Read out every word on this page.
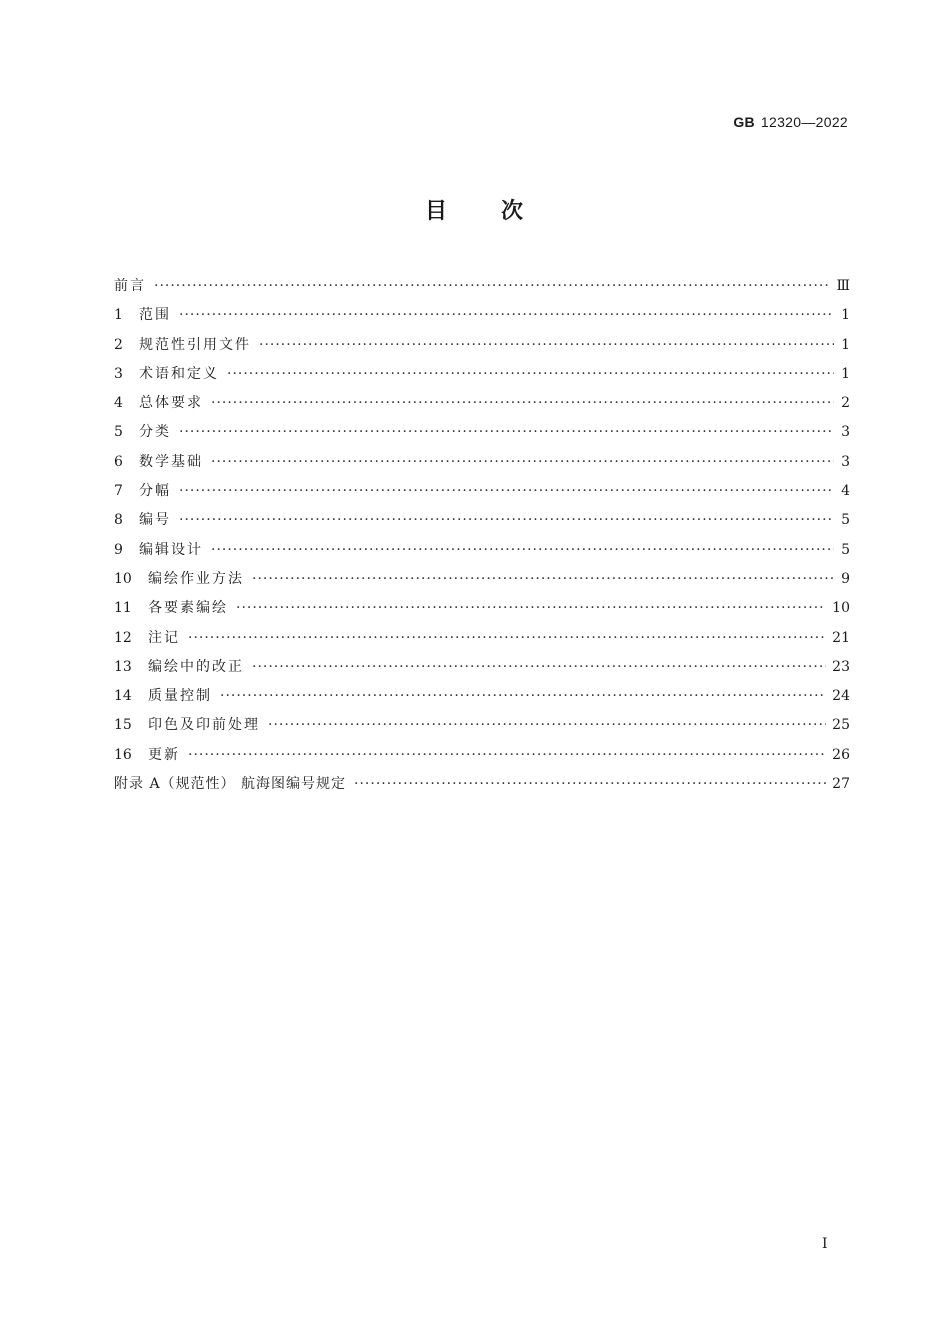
GB 12320—2022
目 次
前言 ·····	Ⅲ
1	范围 ·····	1
2	规范性引用文件 ·····	1
3	术语和定义 ·····	1
4	总体要求 ·····	2
5	分类 ·····	3
6	数学基础 ·····	3
7	分幅 ·····	4
8	编号 ·····	5
9	编辑设计 ·····	5
10	编绘作业方法 ·····	9
11	各要素编绘 ·····	10
12	注记 ·····	21
13	编绘中的改正 ·····	23
14	质量控制 ·····	24
15	印色及印前处理 ·····	25
16	更新 ·····	26
附录 A（规范性） 航海图编号规定 ·····	27
I
